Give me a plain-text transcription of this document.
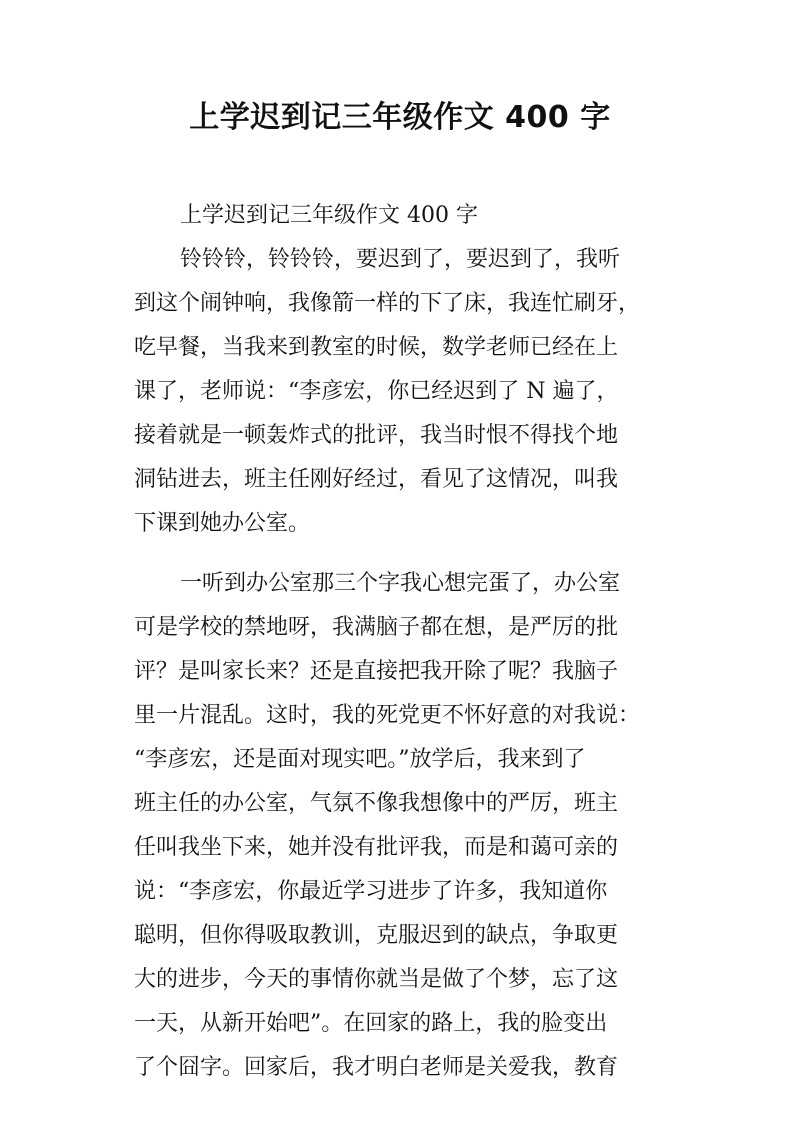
上学迟到记三年级作文 400 字
上学迟到记三年级作文 400 字
铃铃铃，铃铃铃，要迟到了，要迟到了，我听
到这个闹钟响，我像箭一样的下了床，我连忙刷牙，
吃早餐，当我来到教室的时候，数学老师已经在上
课了，老师说：“李彦宏，你已经迟到了 N 遍了，
接着就是一顿轰炸式的批评，我当时恨不得找个地
洞钻进去，班主任刚好经过，看见了这情况，叫我
下课到她办公室。
一听到办公室那三个字我心想完蛋了，办公室
可是学校的禁地呀，我满脑子都在想，是严厉的批
评？是叫家长来？还是直接把我开除了呢？我脑子
里一片混乱。这时，我的死党更不怀好意的对我说：
“李彦宏，还是面对现实吧。”放学后，我来到了
班主任的办公室，气氛不像我想像中的严厉，班主
任叫我坐下来，她并没有批评我，而是和蔼可亲的
说：“李彦宏，你最近学习进步了许多，我知道你
聪明，但你得吸取教训，克服迟到的缺点，争取更
大的进步，今天的事情你就当是做了个梦，忘了这
一天，从新开始吧”。在回家的路上，我的脸变出
了个囧字。回家后，我才明白老师是关爱我，教育
